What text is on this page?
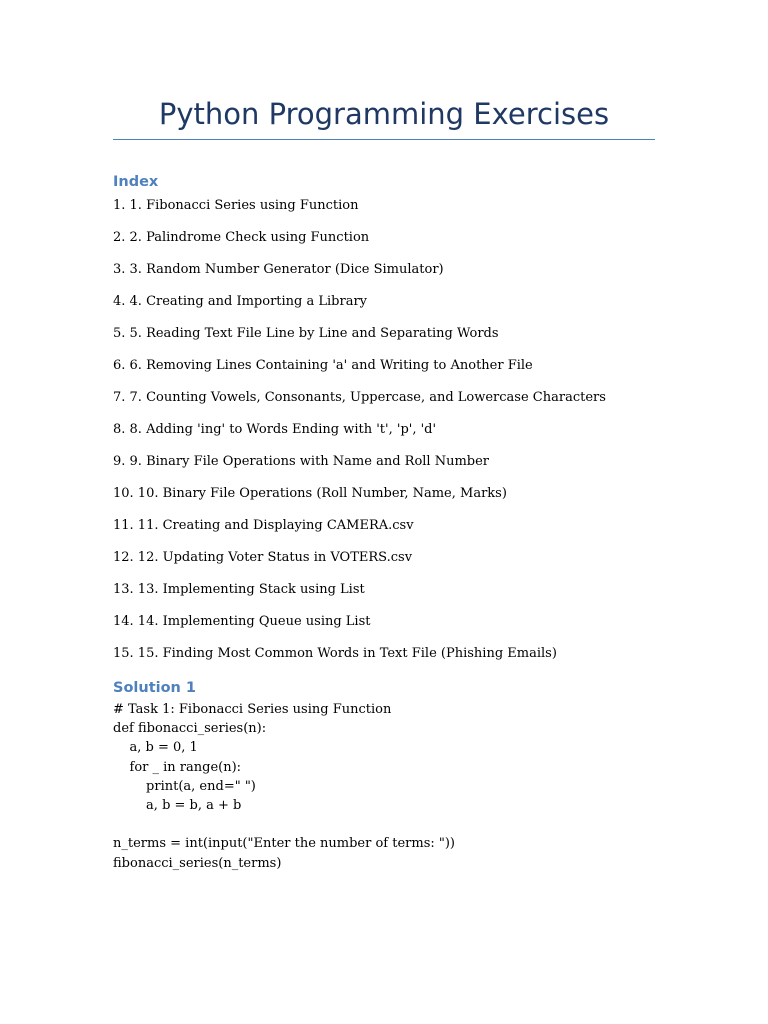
Python Programming Exercises
Index
1. 1. Fibonacci Series using Function
2. 2. Palindrome Check using Function
3. 3. Random Number Generator (Dice Simulator)
4. 4. Creating and Importing a Library
5. 5. Reading Text File Line by Line and Separating Words
6. 6. Removing Lines Containing 'a' and Writing to Another File
7. 7. Counting Vowels, Consonants, Uppercase, and Lowercase Characters
8. 8. Adding 'ing' to Words Ending with 't', 'p', 'd'
9. 9. Binary File Operations with Name and Roll Number
10. 10. Binary File Operations (Roll Number, Name, Marks)
11. 11. Creating and Displaying CAMERA.csv
12. 12. Updating Voter Status in VOTERS.csv
13. 13. Implementing Stack using List
14. 14. Implementing Queue using List
15. 15. Finding Most Common Words in Text File (Phishing Emails)
Solution 1
# Task 1: Fibonacci Series using Function
def fibonacci_series(n):
a, b = 0, 1
for _ in range(n):
print(a, end=" ")
a, b = b, a + b
n_terms = int(input("Enter the number of terms: "))
fibonacci_series(n_terms)
